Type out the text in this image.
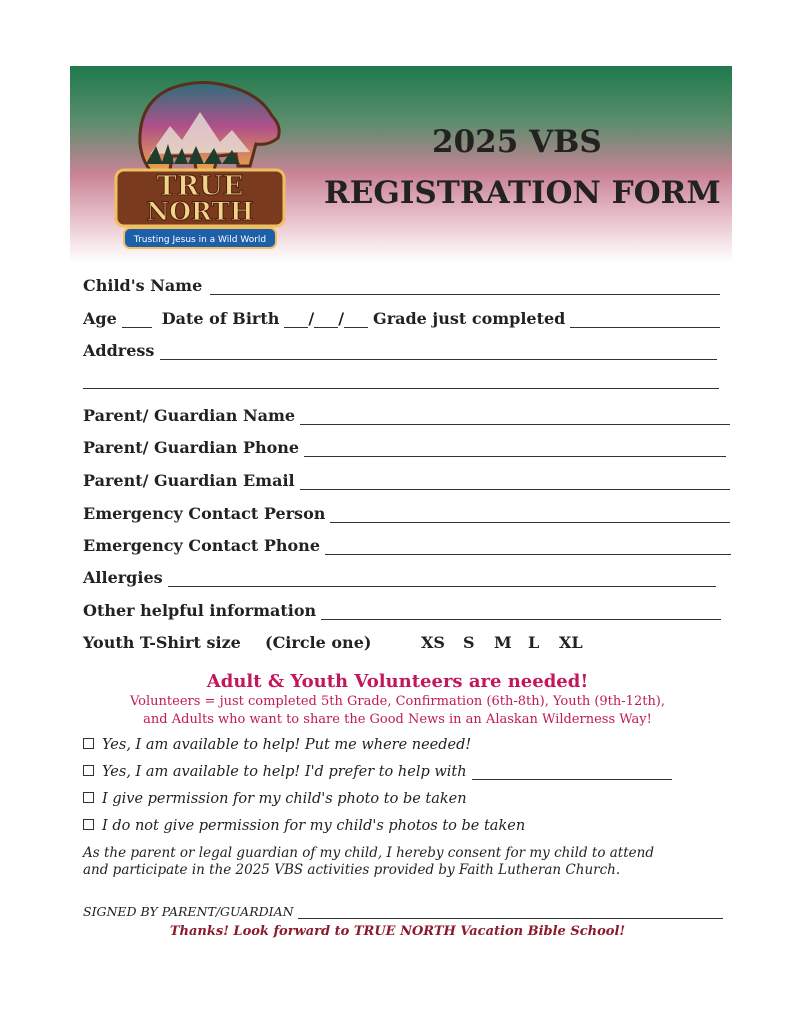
TRUE
NORTH
Trusting Jesus in a Wild World
2025 VBS
REGISTRATION FORM
Child's Name
Age	Date of Birth / / Grade just completed
Address
Parent/ Guardian Name
Parent/ Guardian Phone
Parent/ Guardian Email
Emergency Contact Person
Emergency Contact Phone
Allergies
Other helpful information
Youth T-Shirt size (Circle one)	XS S M L XL
Adult & Youth Volunteers are needed!
Volunteers = just completed 5th Grade, Confirmation (6th-8th), Youth (9th-12th),
and Adults who want to share the Good News in an Alaskan Wilderness Way!
Yes, I am available to help! Put me where needed!
Yes, I am available to help! I'd prefer to help with
I give permission for my child's photo to be taken
I do not give permission for my child's photos to be taken
As the parent or legal guardian of my child, I hereby consent for my child to attend
and participate in the 2025 VBS activities provided by Faith Lutheran Church.
SIGNED BY PARENT/GUARDIAN
Thanks! Look forward to TRUE NORTH Vacation Bible School!
